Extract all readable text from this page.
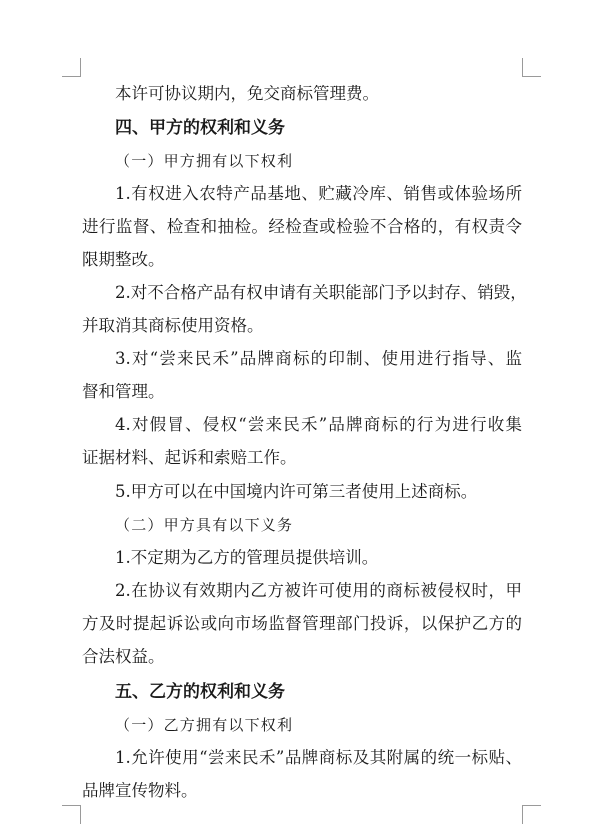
本许可协议期内，免交商标管理费。
四、甲方的权利和义务
（一）甲方拥有以下权利
1.有权进入农特产品基地、贮藏冷库、销售或体验场所
进行监督、检查和抽检。经检查或检验不合格的，有权责令
限期整改。
2.对不合格产品有权申请有关职能部门予以封存、销毁，
并取消其商标使用资格。
3.对“尝来民禾”品牌商标的印制、使用进行指导、监
督和管理。
4.对假冒、侵权“尝来民禾”品牌商标的行为进行收集
证据材料、起诉和索赔工作。
5.甲方可以在中国境内许可第三者使用上述商标。
（二）甲方具有以下义务
1.不定期为乙方的管理员提供培训。
2.在协议有效期内乙方被许可使用的商标被侵权时，甲
方及时提起诉讼或向市场监督管理部门投诉，以保护乙方的
合法权益。
五、乙方的权利和义务
（一）乙方拥有以下权利
1.允许使用“尝来民禾”品牌商标及其附属的统一标贴、
品牌宣传物料。
